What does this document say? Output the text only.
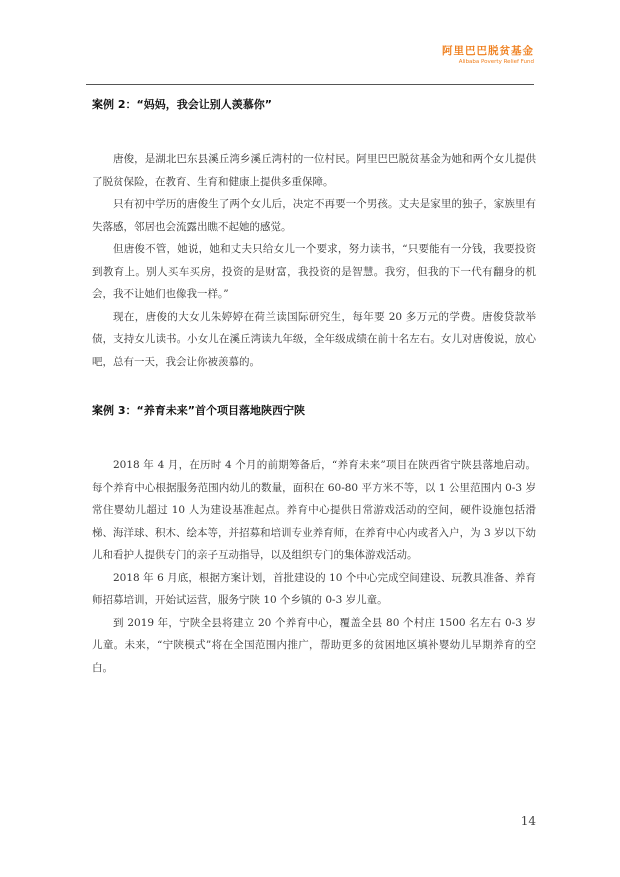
阿里巴巴脱贫基金
Alibaba Poverty Relief Fund
案例 2：“妈妈，我会让别人羡慕你”

唐俊，是湖北巴东县溪丘湾乡溪丘湾村的一位村民。阿里巴巴脱贫基金为她和两个女儿提供了脱贫保险，在教育、生育和健康上提供多重保障。

只有初中学历的唐俊生了两个女儿后，决定不再要一个男孩。丈夫是家里的独子，家族里有失落感，邻居也会流露出瞧不起她的感觉。

但唐俊不管，她说，她和丈夫只给女儿一个要求，努力读书，“只要能有一分钱，我要投资到教育上。别人买车买房，投资的是财富，我投资的是智慧。我穷，但我的下一代有翻身的机会，我不让她们也像我一样。”

现在，唐俊的大女儿朱婷婷在荷兰读国际研究生，每年要 20 多万元的学费。唐俊贷款举债，支持女儿读书。小女儿在溪丘湾读九年级，全年级成绩在前十名左右。女儿对唐俊说，放心吧，总有一天，我会让你被羡慕的。

案例 3：“养育未来”首个项目落地陕西宁陕

2018 年 4 月，在历时 4 个月的前期筹备后，“养育未来”项目在陕西省宁陕县落地启动。每个养育中心根据服务范围内幼儿的数量，面积在 60-80 平方米不等，以 1 公里范围内 0-3 岁常住婴幼儿超过 10 人为建设基准起点。养育中心提供日常游戏活动的空间，硬件设施包括滑梯、海洋球、积木、绘本等，并招募和培训专业养育师，在养育中心内或者入户，为 3 岁以下幼儿和看护人提供专门的亲子互动指导，以及组织专门的集体游戏活动。

2018 年 6 月底，根据方案计划，首批建设的 10 个中心完成空间建设、玩教具准备、养育师招募培训，开始试运营，服务宁陕 10 个乡镇的 0-3 岁儿童。

到 2019 年，宁陕全县将建立 20 个养育中心，覆盖全县 80 个村庄 1500 名左右 0-3 岁儿童。未来，“宁陕模式”将在全国范围内推广，帮助更多的贫困地区填补婴幼儿早期养育的空白。

14
